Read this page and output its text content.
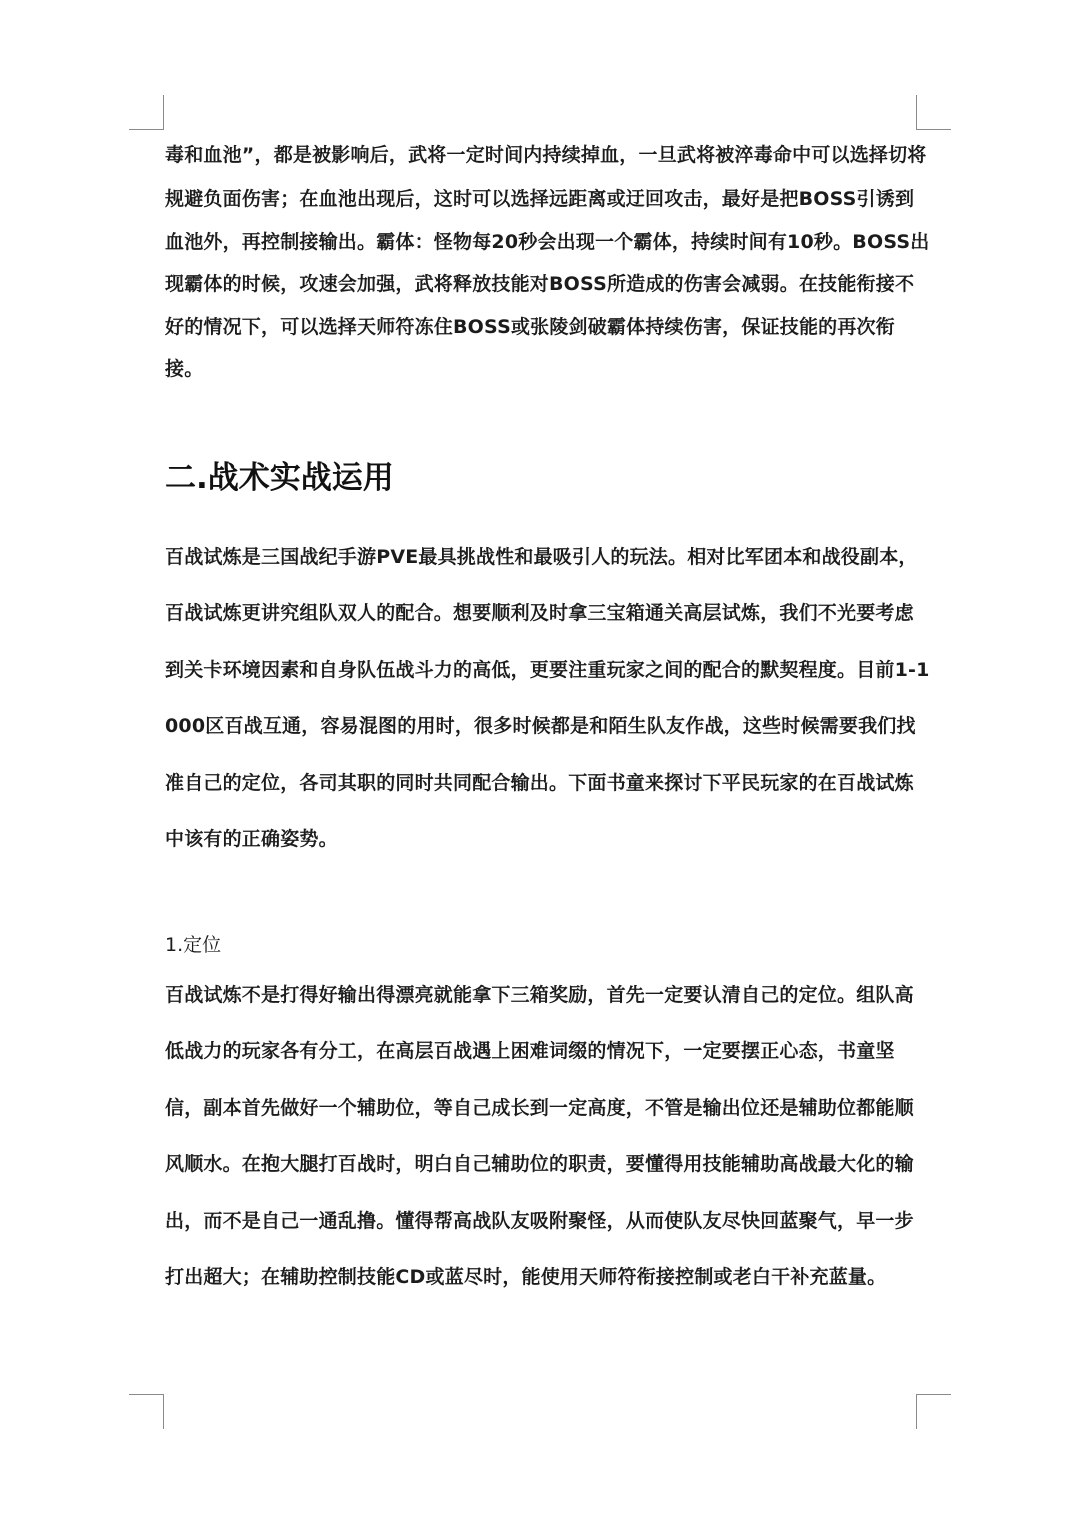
毒和血池”，都是被影响后，武将一定时间内持续掉血，一旦武将被淬毒命中可以选择切将
规避负面伤害；在血池出现后，这时可以选择远距离或迂回攻击，最好是把BOSS引诱到
血池外，再控制接输出。霸体：怪物每20秒会出现一个霸体，持续时间有10秒。BOSS出
现霸体的时候，攻速会加强，武将释放技能对BOSS所造成的伤害会减弱。在技能衔接不
好的情况下，可以选择天师符冻住BOSS或张陵剑破霸体持续伤害，保证技能的再次衔
接。
二.战术实战运用
百战试炼是三国战纪手游PVE最具挑战性和最吸引人的玩法。相对比军团本和战役副本，
百战试炼更讲究组队双人的配合。想要顺利及时拿三宝箱通关高层试炼，我们不光要考虑
到关卡环境因素和自身队伍战斗力的高低，更要注重玩家之间的配合的默契程度。目前1-1
000区百战互通，容易混图的用时，很多时候都是和陌生队友作战，这些时候需要我们找
准自己的定位，各司其职的同时共同配合输出。下面书童来探讨下平民玩家的在百战试炼
中该有的正确姿势。
1.定位
百战试炼不是打得好输出得漂亮就能拿下三箱奖励，首先一定要认清自己的定位。组队高
低战力的玩家各有分工，在高层百战遇上困难词缀的情况下，一定要摆正心态，书童坚
信，副本首先做好一个辅助位，等自己成长到一定高度，不管是输出位还是辅助位都能顺
风顺水。在抱大腿打百战时，明白自己辅助位的职责，要懂得用技能辅助高战最大化的输
出，而不是自己一通乱撸。懂得帮高战队友吸附聚怪，从而使队友尽快回蓝聚气，早一步
打出超大；在辅助控制技能CD或蓝尽时，能使用天师符衔接控制或老白干补充蓝量。
